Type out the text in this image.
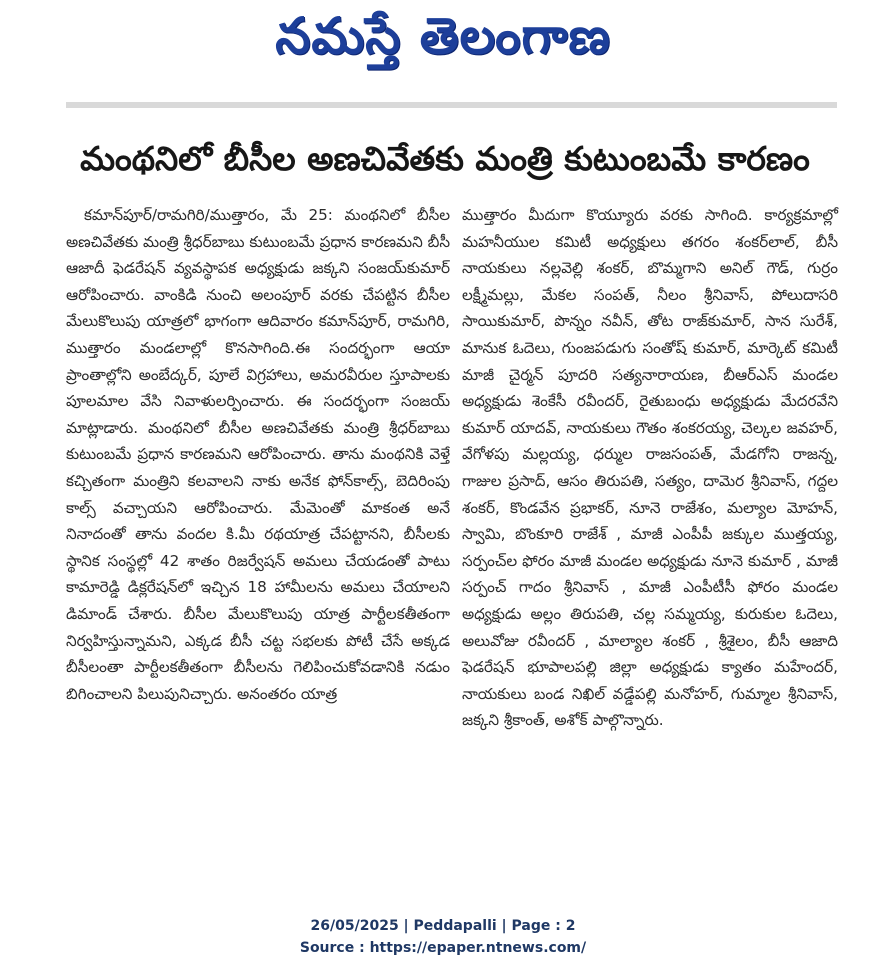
నమస్తే తెలంగాణ
మంథనిలో బీసీల అణచివేతకు మంత్రి కుటుంబమే కారణం

కమాన్‌పూర్/రామగిరి/ముత్తారం, మే 25: మంథనిలో బీసీల అణచివేతకు మంత్రి శ్రీధర్‌బాబు కుటుంబమే ప్రధాన కారణమని బీసీ ఆజాదీ ఫెడరేషన్ వ్యవస్థాపక అధ్యక్షుడు జక్కని సంజయ్‌కుమార్ ఆరోపించారు. వాంకిడి నుంచి అలంపూర్ వరకు చేపట్టిన బీసీల మేలుకొలుపు యాత్రలో భాగంగా ఆదివారం కమాన్‌పూర్, రామగిరి, ముత్తారం మండలాల్లో కొనసాగింది.ఈ సందర్భంగా ఆయా ప్రాంతాల్లోని అంబేద్కర్, పూలే విగ్రహాలు, అమరవీరుల స్తూపాలకు పూలమాల వేసి నివాళులర్పించారు. ఈ సందర్భంగా సంజయ్ మాట్లాడారు. మంథనిలో బీసీల అణచివేతకు మంత్రి శ్రీధర్‌బాబు కుటుంబమే ప్రధాన కారణమని ఆరోపించారు. తాను మంథనికి వెళ్తే కచ్చితంగా మంత్రిని కలవాలని నాకు అనేక ఫోన్‌కాల్స్, బెదిరింపు కాల్స్ వచ్చాయని ఆరోపించారు. మేమెంతో మాకంత అనే నినాదంతో తాను వందల కి.మీ రథయాత్ర చేపట్టానని, బీసీలకు స్థానిక సంస్థల్లో 42 శాతం రిజర్వేషన్ అమలు చేయడంతో పాటు కామారెడ్డి డిక్లరేషన్‌లో ఇచ్చిన 18 హామీలను అమలు చేయాలని డిమాండ్ చేశారు. బీసీల మేలుకొలుపు యాత్ర పార్టీలకతీతంగా నిర్వహిస్తున్నామని, ఎక్కడ బీసీ చట్ట సభలకు పోటీ చేసే అక్కడ బీసీలంతా పార్టీలకతీతంగా బీసీలను గెలిపించుకోవడానికి నడుం బిగించాలని పిలుపునిచ్చారు. అనంతరం యాత్ర

ముత్తారం మీదుగా కొయ్యూరు వరకు సాగింది. కార్యక్రమాల్లో మహనీయుల కమిటీ అధ్యక్షులు తగరం శంకర్‌లాల్, బీసీ నాయకులు నల్లవెల్లి శంకర్, బొమ్మగాని అనిల్ గౌడ్, గుర్రం లక్ష్మీమల్లు, మేకల సంపత్, నీలం శ్రీనివాస్, పోలుదాసరి సాయికుమార్, పొన్నం నవీన్, తోట రాజ్‌కుమార్, సాన సురేశ్, మానుక ఓదెలు, గుంజపడుగు సంతోష్ కుమార్, మార్కెట్ కమిటీ మాజీ చైర్మన్ పూదరి సత్యనారాయణ, బీఆర్ఎస్ మండల అధ్యక్షుడు శెంకేసీ రవీందర్, రైతుబంధు అధ్యక్షుడు మేదరవేని కుమార్ యాదవ్, నాయకులు గౌతం శంకరయ్య, చెల్కల జవహర్, వేగోళపు మల్లయ్య, ధర్ముల రాజసంపత్, మేడగోని రాజన్న, గాజుల ప్రసాద్, ఆసం తిరుపతి, సత్యం, దామెర శ్రీనివాస్, గద్దల శంకర్, కొండవేన ప్రభాకర్, నూనె రాజేశం, మల్యాల మోహన్, స్వామి, బొంకూరి రాజేశ్ , మాజీ ఎంపీపీ జక్కుల ముత్తయ్య, సర్పంచ్‌ల ఫోరం మాజీ మండల అధ్యక్షుడు నూనె కుమార్ , మాజీ సర్పంచ్ గాదం శ్రీనివాస్ , మాజీ ఎంపీటీసీ ఫోరం మండల అధ్యక్షుడు అల్లం తిరుపతి, చల్ల సమ్మయ్య, కురుకుల ఓదెలు, అలువోజు రవీందర్ , మాల్యాల శంకర్ , శ్రీశైలం, బీసీ ఆజాది ఫెడరేషన్ భూపాలపల్లి జిల్లా అధ్యక్షుడు క్యాతం మహేందర్, నాయకులు బండ నిఖిల్ వడ్డేపల్లి మనోహర్, గుమ్మాల శ్రీనివాస్, జక్కని శ్రీకాంత్, అశోక్ పాల్గొన్నారు.

26/05/2025 | Peddapalli | Page : 2
Source : https://epaper.ntnews.com/
